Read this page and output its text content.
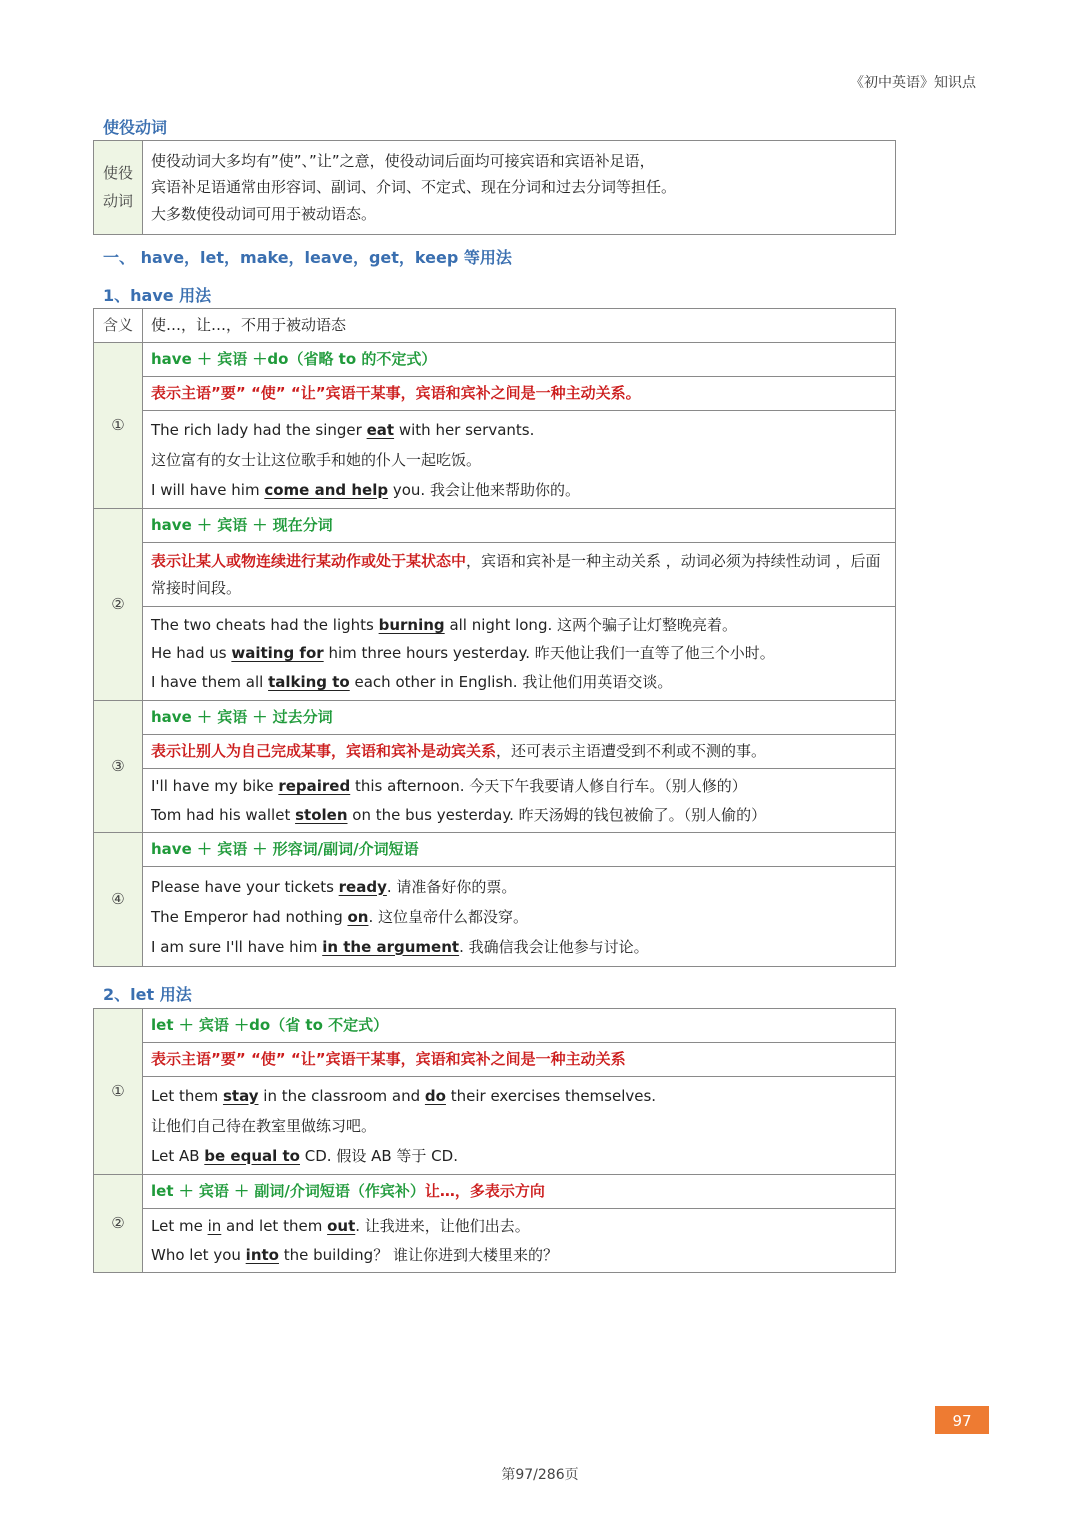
《初中英语》知识点
使役动词
使役
动词

使役动词大多均有”使”、”让”之意，使役动词后面均可接宾语和宾语补足语，
宾语补足语通常由形容词、副词、介词、不定式、现在分词和过去分词等担任。
大多数使役动词可用于被动语态。
一、 have，let，make，leave，get，keep 等用法
1、have 用法
含义	使…，让…，不用于被动语态
①	have ＋ 宾语 ＋do（省略 to 的不定式）
	表示主语”要” “使” “让”宾语干某事，宾语和宾补之间是一种主动关系。

	The rich lady had the singer eat with her servants.
这位富有的女士让这位歌手和她的仆人一起吃饭。
I will have him come and help you. 我会让他来帮助你的。

②	have ＋ 宾语 ＋ 现在分词
	表示让某人或物连续进行某动作或处于某状态中，宾语和宾补是一种主动关系 ，动词必须为持续性动词 ，后面常接时间段。

	The two cheats had the lights burning all night long. 这两个骗子让灯整晚亮着。
He had us waiting for him three hours yesterday. 昨天他让我们一直等了他三个小时。
I have them all talking to each other in English. 我让他们用英语交谈。

③	have ＋ 宾语 ＋ 过去分词
	表示让别人为自己完成某事，宾语和宾补是动宾关系，还可表示主语遭受到不利或不测的事。

	I'll have my bike repaired this afternoon. 今天下午我要请人修自行车。（别人修的）
Tom had his wallet stolen on the bus yesterday. 昨天汤姆的钱包被偷了。（别人偷的）

④	have ＋ 宾语 ＋ 形容词/副词/介词短语

	Please have your tickets ready. 请准备好你的票。
The Emperor had nothing on. 这位皇帝什么都没穿。
I am sure I'll have him in the argument. 我确信我会让他参与讨论。
2、let 用法
①	let ＋ 宾语 ＋do（省 to 不定式）
	表示主语”要” “使” “让”宾语干某事，宾语和宾补之间是一种主动关系

	Let them stay in the classroom and do their exercises themselves.
让他们自己待在教室里做练习吧。
Let AB be equal to CD. 假设 AB 等于 CD.

②	let ＋ 宾语 ＋ 副词/介词短语（作宾补）让…，多表示方向

	Let me in and let them out. 让我进来，让他们出去。
Who let you into the building？ 谁让你进到大楼里来的？
97
第97/286页
